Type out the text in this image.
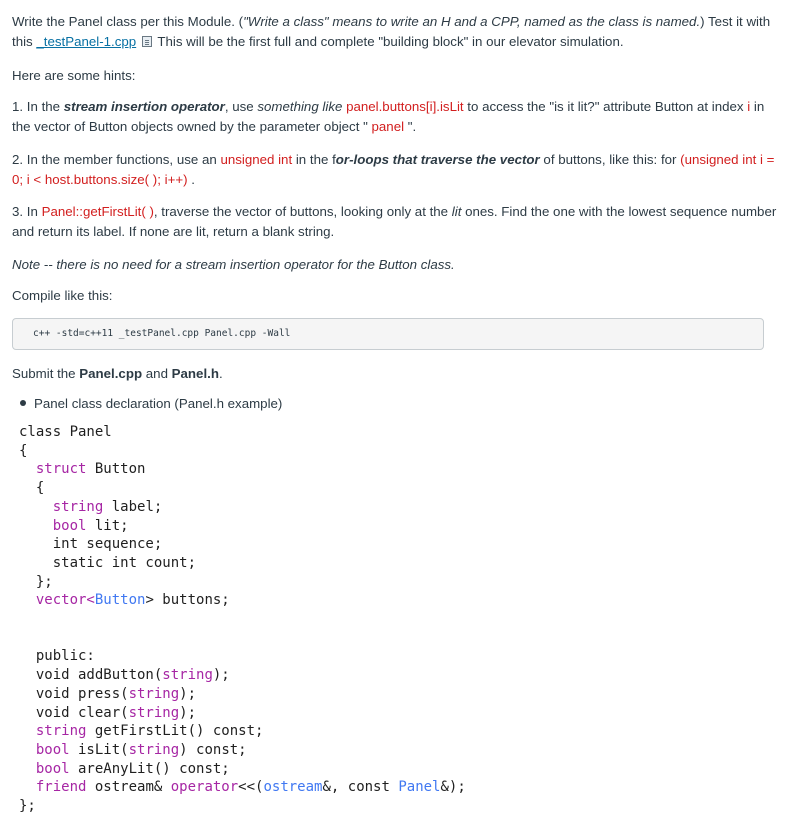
Write the Panel class per this Module. ("Write a class" means to write an H and a CPP, named as the class is named.) Test it with this _testPanel-1.cpp  This will be the first full and complete "building block" in our elevator simulation.
Here are some hints:
1. In the stream insertion operator, use something like panel.buttons[i].isLit to access the "is it lit?" attribute Button at index i in the vector of Button objects owned by the parameter object " panel ".
2. In the member functions, use an unsigned int in the for-loops that traverse the vector of buttons, like this: for (unsigned int i = 0; i < host.buttons.size( ); i++) .
3. In Panel::getFirstLit( ), traverse the vector of buttons, looking only at the lit ones. Find the one with the lowest sequence number and return its label. If none are lit, return a blank string.
Note -- there is no need for a stream insertion operator for the Button class.
Compile like this:
c++ -std=c++11 _testPanel.cpp Panel.cpp -Wall
Submit the Panel.cpp and Panel.h.
Panel class declaration (Panel.h example)
class Panel
{
struct Button
{
string label;
bool lit;
int sequence;
static int count;
};
vector<Button> buttons;

public:
void addButton(string);
void press(string);
void clear(string);
string getFirstLit() const;
bool isLit(string) const;
bool areAnyLit() const;
friend ostream& operator<<(ostream&, const Panel&);
};
